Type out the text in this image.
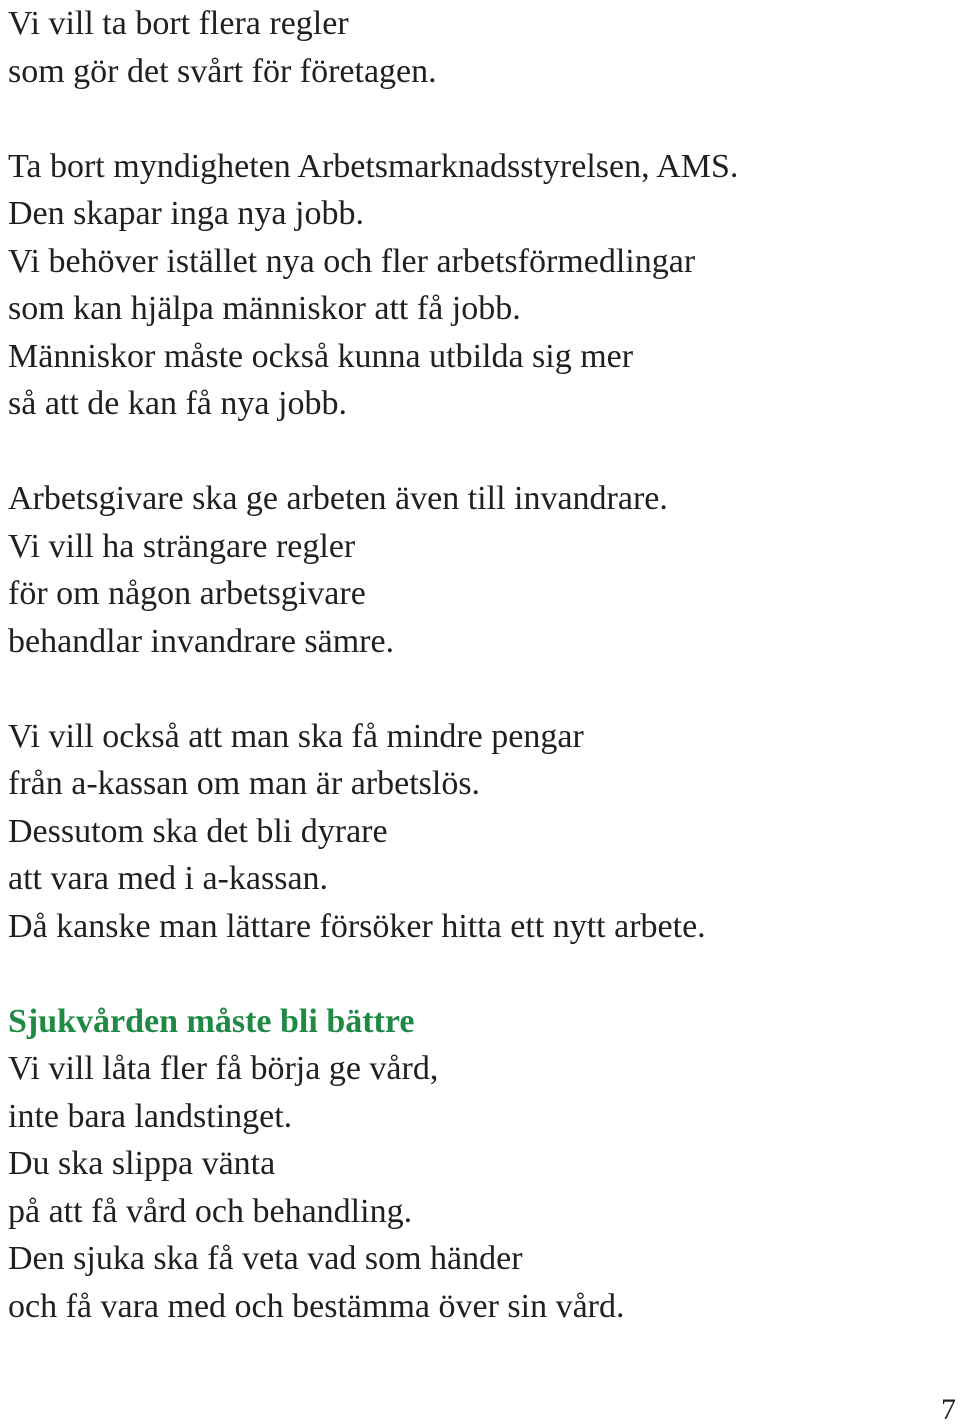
Vi vill ta bort flera regler

som gör det svårt för företagen.

Ta bort myndigheten Arbetsmarknadsstyrelsen, AMS.

Den skapar inga nya jobb.

Vi behöver istället nya och fler arbetsförmedlingar

som kan hjälpa människor att få jobb.

Människor måste också kunna utbilda sig mer

så att de kan få nya jobb.

Arbetsgivare ska ge arbeten även till invandrare.

Vi vill ha strängare regler

för om någon arbetsgivare

behandlar invandrare sämre.

Vi vill också att man ska få mindre pengar

från a-kassan om man är arbetslös.

Dessutom ska det bli dyrare

att vara med i a-kassan.

Då kanske man lättare försöker hitta ett nytt arbete.

Sjukvården måste bli bättre

Vi vill låta fler få börja ge vård,

inte bara landstinget.

Du ska slippa vänta

på att få vård och behandling.

Den sjuka ska få veta vad som händer

och få vara med och bestämma över sin vård.

7
